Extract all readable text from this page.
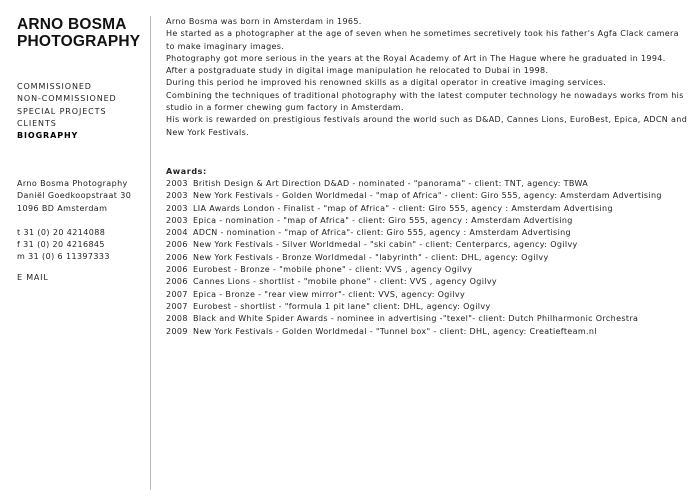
ARNO BOSMA
PHOTOGRAPHY
COMMISSIONED
NON-COMMISSIONED
SPECIAL PROJECTS
CLIENTS
BIOGRAPHY
Arno Bosma Photography
Daniël Goedkoopstraat 30
1096 BD Amsterdam
t 31 (0) 20 4214088
f 31 (0) 20 4216845
m 31 (0) 6 11397333
E MAIL

Arno Bosma was born in Amsterdam in 1965.

He started as a photographer at the age of seven when he sometimes secretively took his father's Agfa Clack camera to make imaginary images.

Photography got more serious in the years at the Royal Academy of Art in The Hague where he graduated in 1994.

After a postgraduate study in digital image manipulation he relocated to Dubai in 1998.

During this period he improved his renowned skills as a digital operator in creative imaging services.

Combining the techniques of traditional photography with the latest computer technology he nowadays works from his studio in a former chewing gum factory in Amsterdam.

His work is rewarded on prestigious festivals around the world such as D&AD, Cannes Lions, EuroBest, Epica, ADCN and New York Festivals.

Awards:
2003 British Design & Art Direction D&AD - nominated - "panorama" - client: TNT, agency: TBWA
2003 New York Festivals - Golden Worldmedal - "map of Africa" - client: Giro 555, agency: Amsterdam Advertising
2003 LIA Awards London - Finalist - "map of Africa" - client: Giro 555, agency : Amsterdam Advertising
2003 Epica - nomination - "map of Africa" - client: Giro 555, agency : Amsterdam Advertising
2004 ADCN - nomination - "map of Africa"- client: Giro 555, agency : Amsterdam Advertising
2006 New York Festivals - Silver Worldmedal - "ski cabin" - client: Centerparcs, agency: Ogilvy
2006 New York Festivals - Bronze Worldmedal - "labyrinth" - client: DHL, agency: Ogilvy
2006 Eurobest - Bronze - "mobile phone" - client: VVS , agency Ogilvy
2006 Cannes Lions - shortlist - "mobile phone" - client: VVS , agency Ogilvy
2007 Epica - Bronze - "rear view mirror"- client: VVS, agency: Ogilvy
2007 Eurobest - shortlist - "formula 1 pit lane" client: DHL, agency: Ogilvy
2008 Black and White Spider Awards - nominee in advertising -"texel"- client: Dutch Philharmonic Orchestra
2009 New York Festivals - Golden Worldmedal - "Tunnel box" - client: DHL, agency: Creatiefteam.nl
